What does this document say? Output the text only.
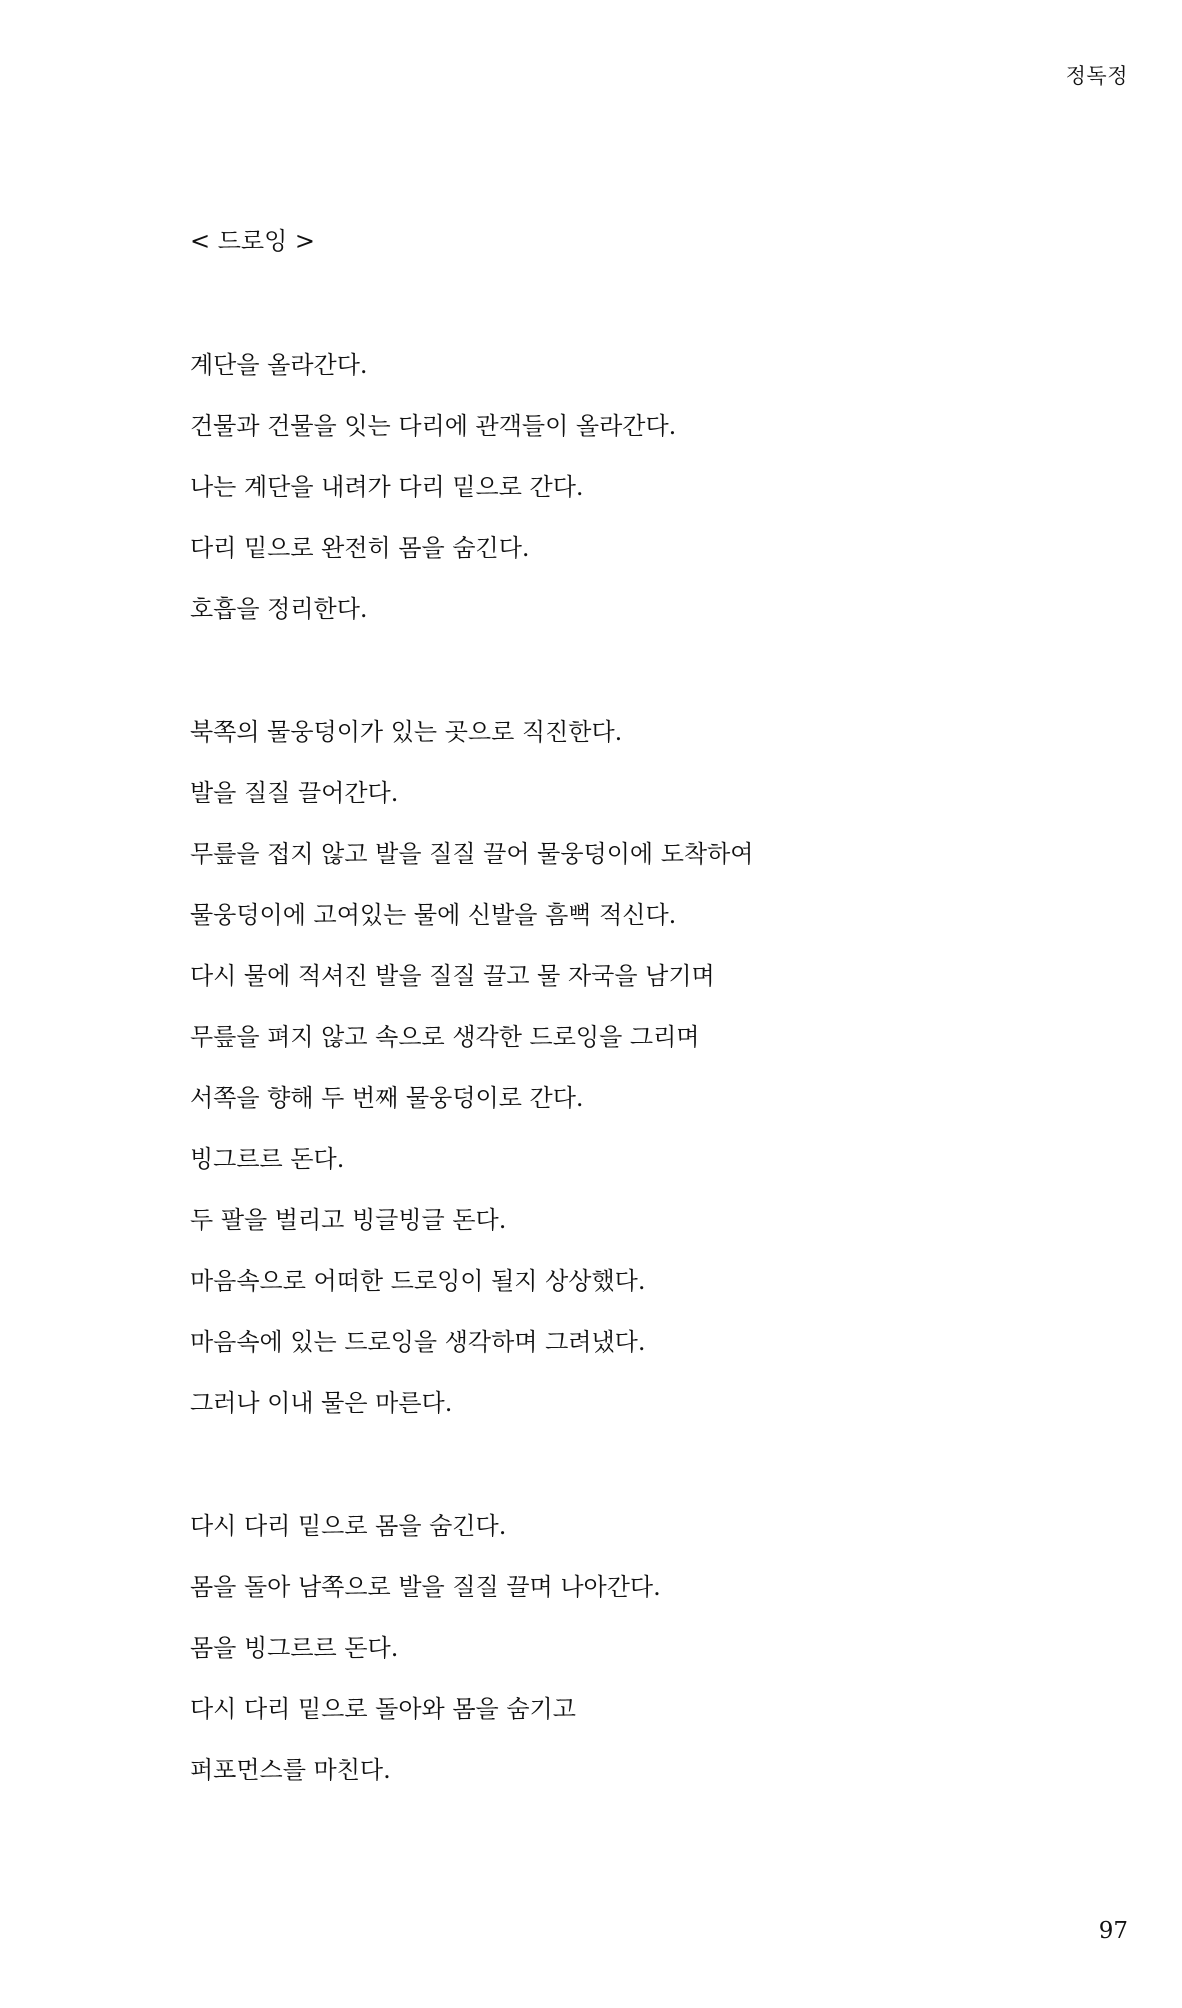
정독정
< 드로잉 >
계단을 올라간다.
건물과 건물을 잇는 다리에 관객들이 올라간다.
나는 계단을 내려가 다리 밑으로 간다.
다리 밑으로 완전히 몸을 숨긴다.
호흡을 정리한다.
북쪽의 물웅덩이가 있는 곳으로 직진한다.
발을 질질 끌어간다.
무릎을 접지 않고 발을 질질 끌어 물웅덩이에 도착하여
물웅덩이에 고여있는 물에 신발을 흠뻑 적신다.
다시 물에 적셔진 발을 질질 끌고 물 자국을 남기며
무릎을 펴지 않고 속으로 생각한 드로잉을 그리며
서쪽을 향해 두 번째 물웅덩이로 간다.
빙그르르 돈다.
두 팔을 벌리고 빙글빙글 돈다.
마음속으로 어떠한 드로잉이 될지 상상했다.
마음속에 있는 드로잉을 생각하며 그려냈다.
그러나 이내 물은 마른다.
다시 다리 밑으로 몸을 숨긴다.
몸을 돌아 남쪽으로 발을 질질 끌며 나아간다.
몸을 빙그르르 돈다.
다시 다리 밑으로 돌아와 몸을 숨기고
퍼포먼스를 마친다.
97
